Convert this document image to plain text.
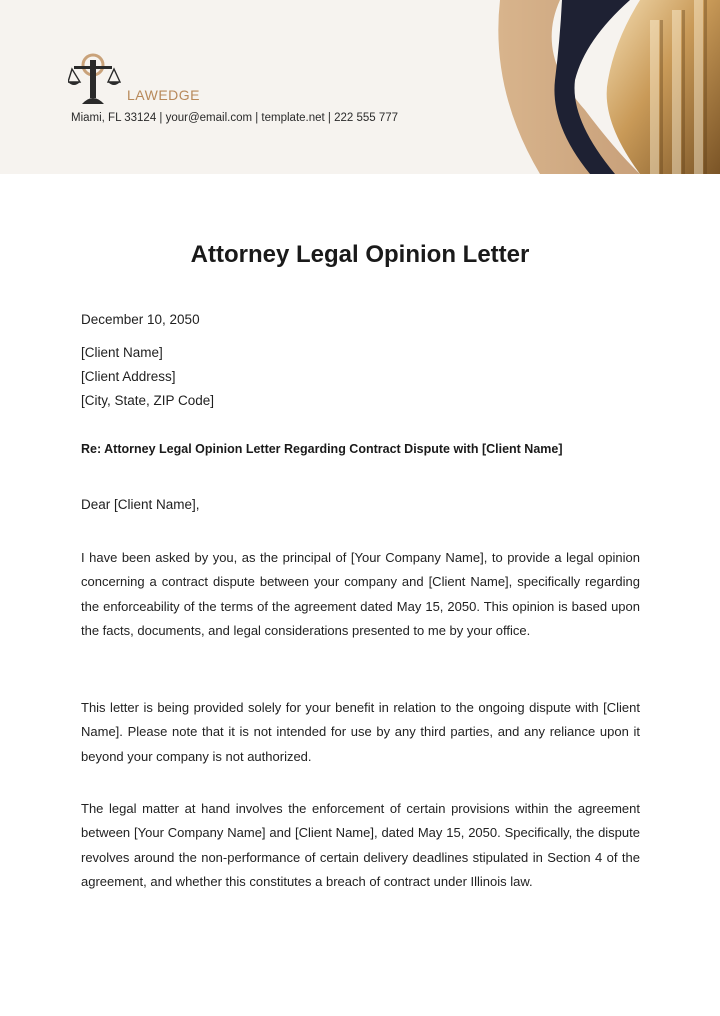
LAWEDGE
Miami, FL 33124 | your@email.com | template.net | 222 555 777
Attorney Legal Opinion Letter
December 10, 2050
[Client Name]
[Client Address]
[City, State, ZIP Code]
Re: Attorney Legal Opinion Letter Regarding Contract Dispute with [Client Name]
Dear [Client Name],
I have been asked by you, as the principal of [Your Company Name], to provide a legal opinion concerning a contract dispute between your company and [Client Name], specifically regarding the enforceability of the terms of the agreement dated May 15, 2050. This opinion is based upon the facts, documents, and legal considerations presented to me by your office.
This letter is being provided solely for your benefit in relation to the ongoing dispute with [Client Name]. Please note that it is not intended for use by any third parties, and any reliance upon it beyond your company is not authorized.
The legal matter at hand involves the enforcement of certain provisions within the agreement between [Your Company Name] and [Client Name], dated May 15, 2050. Specifically, the dispute revolves around the non-performance of certain delivery deadlines stipulated in Section 4 of the agreement, and whether this constitutes a breach of contract under Illinois law.
